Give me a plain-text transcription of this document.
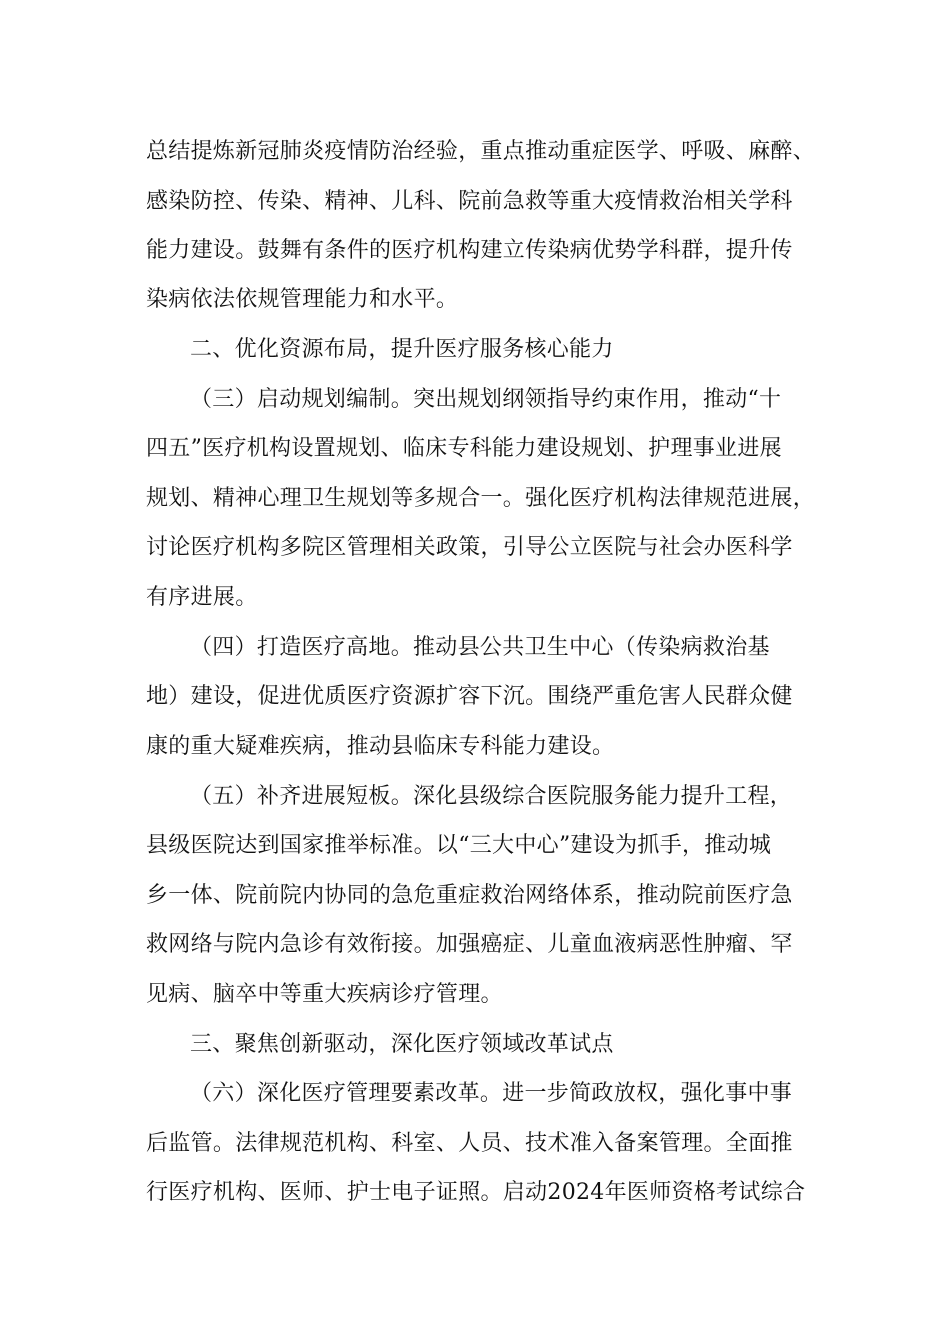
总结提炼新冠肺炎疫情防治经验，重点推动重症医学、呼吸、麻醉、
感染防控、传染、精神、儿科、院前急救等重大疫情救治相关学科
能力建设。鼓舞有条件的医疗机构建立传染病优势学科群，提升传
染病依法依规管理能力和水平。
二、优化资源布局，提升医疗服务核心能力
（三）启动规划编制。突出规划纲领指导约束作用，推动“十
四五”医疗机构设置规划、临床专科能力建设规划、护理事业进展
规划、精神心理卫生规划等多规合一。强化医疗机构法律规范进展，
讨论医疗机构多院区管理相关政策，引导公立医院与社会办医科学
有序进展。
（四）打造医疗高地。推动县公共卫生中心（传染病救治基
地）建设，促进优质医疗资源扩容下沉。围绕严重危害人民群众健
康的重大疑难疾病，推动县临床专科能力建设。
（五）补齐进展短板。深化县级综合医院服务能力提升工程，
县级医院达到国家推举标准。以“三大中心”建设为抓手，推动城
乡一体、院前院内协同的急危重症救治网络体系，推动院前医疗急
救网络与院内急诊有效衔接。加强癌症、儿童血液病恶性肿瘤、罕
见病、脑卒中等重大疾病诊疗管理。
三、聚焦创新驱动，深化医疗领域改革试点
（六）深化医疗管理要素改革。进一步简政放权，强化事中事
后监管。法律规范机构、科室、人员、技术准入备案管理。全面推
行医疗机构、医师、护士电子证照。启动2024年医师资格考试综合
